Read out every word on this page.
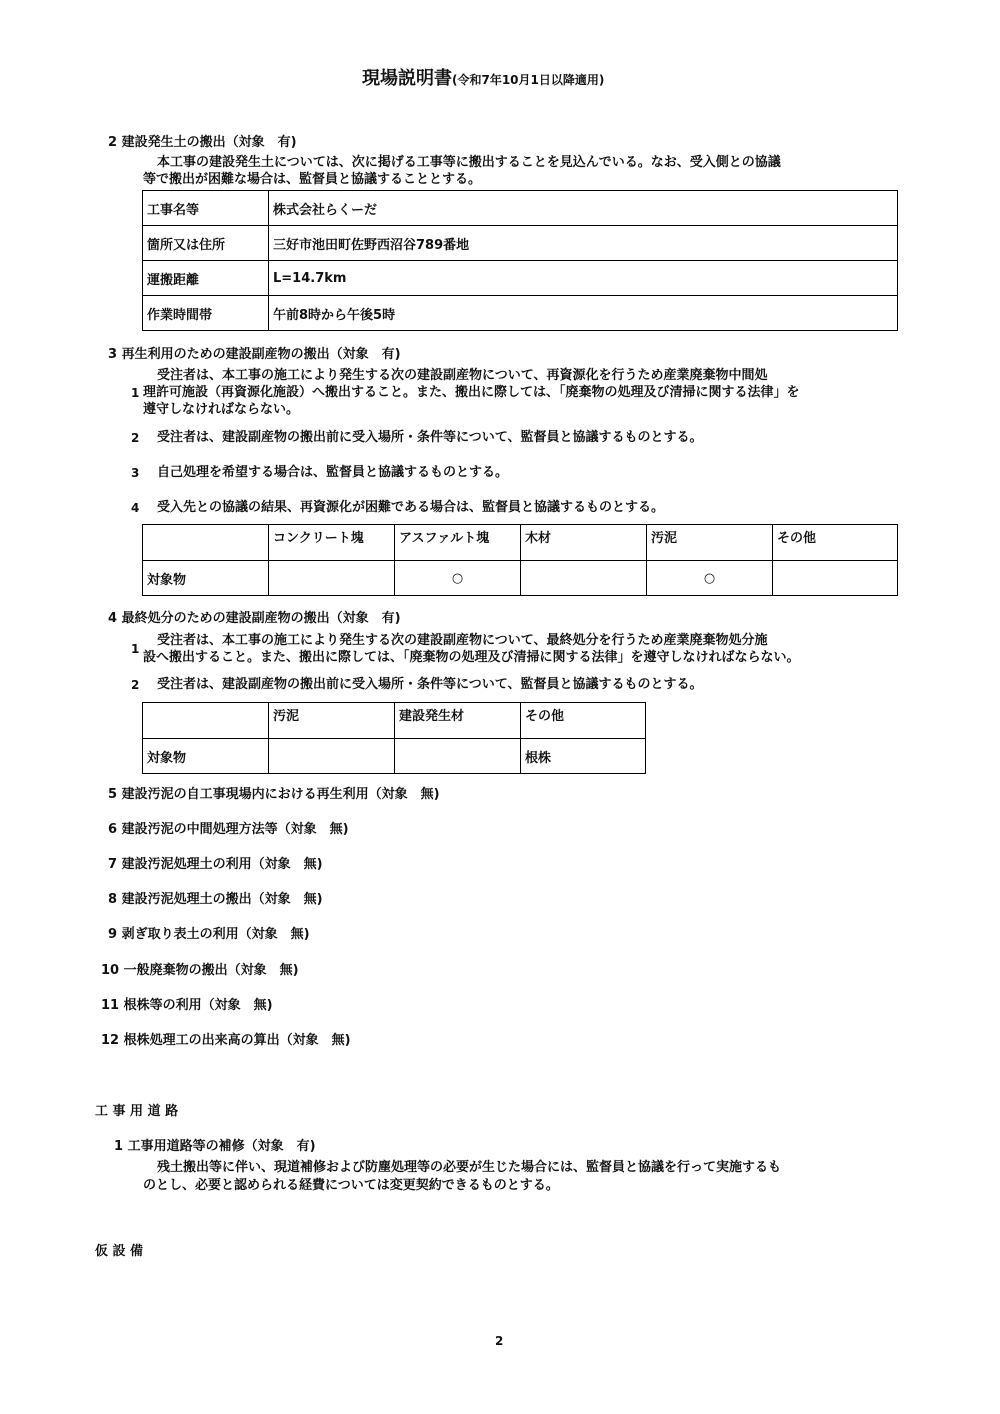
現場説明書(令和7年10月1日以降適用)
2 建設発生土の搬出（対象　有)
本工事の建設発生土については、次に掲げる工事等に搬出することを見込んでいる。なお、受入側との協議
等で搬出が困難な場合は、監督員と協議することとする。
工事名等	株式会社らくーだ
箇所又は住所	三好市池田町佐野西沼谷789番地
運搬距離	L=14.7km
作業時間帯	午前8時から午後5時
3 再生利用のための建設副産物の搬出（対象　有)
受注者は、本工事の施工により発生する次の建設副産物について、再資源化を行うため産業廃棄物中間処
1 理許可施設（再資源化施設）へ搬出すること。また、搬出に際しては、「廃棄物の処理及び清掃に関する法律」を
遵守しなければならない。
2 受注者は、建設副産物の搬出前に受入場所・条件等について、監督員と協議するものとする。
3 自己処理を希望する場合は、監督員と協議するものとする。
4 受入先との協議の結果、再資源化が困難である場合は、監督員と協議するものとする。
	コンクリート塊	アスファルト塊	木材	汚泥	その他
対象物		○		○	
4 最終処分のための建設副産物の搬出（対象　有)
受注者は、本工事の施工により発生する次の建設副産物について、最終処分を行うため産業廃棄物処分施
1
設へ搬出すること。また、搬出に際しては、「廃棄物の処理及び清掃に関する法律」を遵守しなければならない。
2 受注者は、建設副産物の搬出前に受入場所・条件等について、監督員と協議するものとする。
	汚泥	建設発生材	その他
対象物			根株
5 建設汚泥の自工事現場内における再生利用（対象　無)
6 建設汚泥の中間処理方法等（対象　無)
7 建設汚泥処理土の利用（対象　無)
8 建設汚泥処理土の搬出（対象　無)
9 剥ぎ取り表土の利用（対象　無)
10 一般廃棄物の搬出（対象　無)
11 根株等の利用（対象　無)
12 根株処理工の出来高の算出（対象　無)
工 事 用 道 路
1 工事用道路等の補修（対象　有)
残土搬出等に伴い、現道補修および防塵処理等の必要が生じた場合には、監督員と協議を行って実施するも
のとし、必要と認められる経費については変更契約できるものとする。
仮 設 備
2
